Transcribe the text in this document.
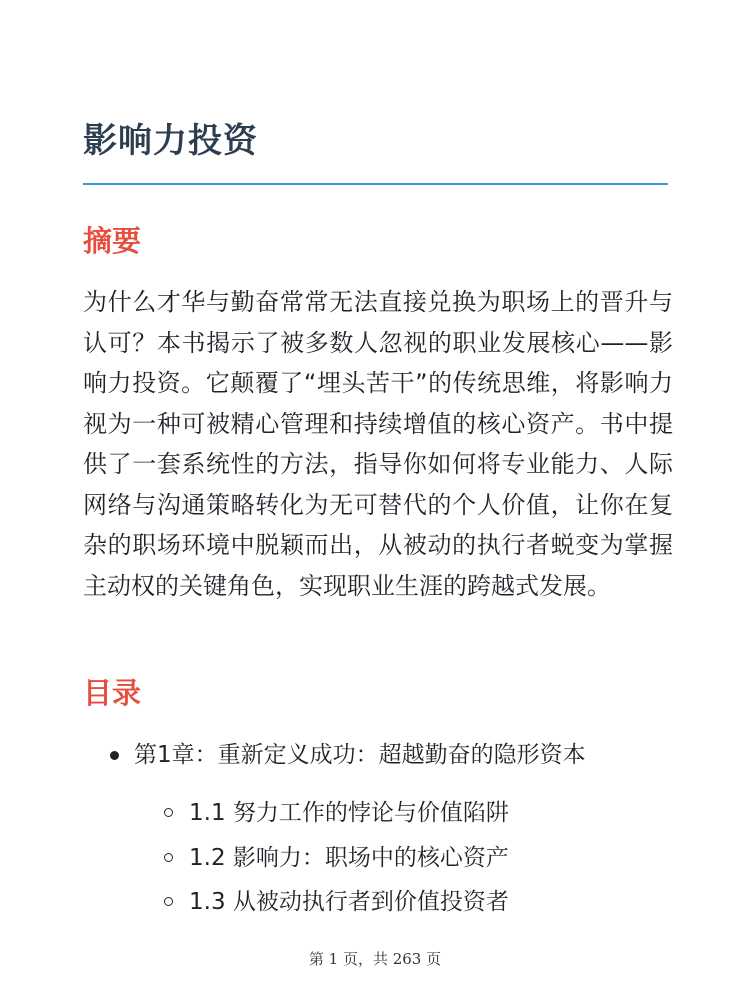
影响力投资
摘要

为什么才华与勤奋常常无法直接兑换为职场上的晋升与认可？本书揭示了被多数人忽视的职业发展核心——影响力投资。它颠覆了“埋头苦干”的传统思维，将影响力视为一种可被精心管理和持续增值的核心资产。书中提供了一套系统性的方法，指导你如何将专业能力、人际网络与沟通策略转化为无可替代的个人价值，让你在复杂的职场环境中脱颖而出，从被动的执行者蜕变为掌握主动权的关键角色，实现职业生涯的跨越式发展。

目录
第1章：重新定义成功：超越勤奋的隐形资本
1.1 努力工作的悖论与价值陷阱
1.2 影响力：职场中的核心资产
1.3 从被动执行者到价值投资者
第 1 页，共 263 页
